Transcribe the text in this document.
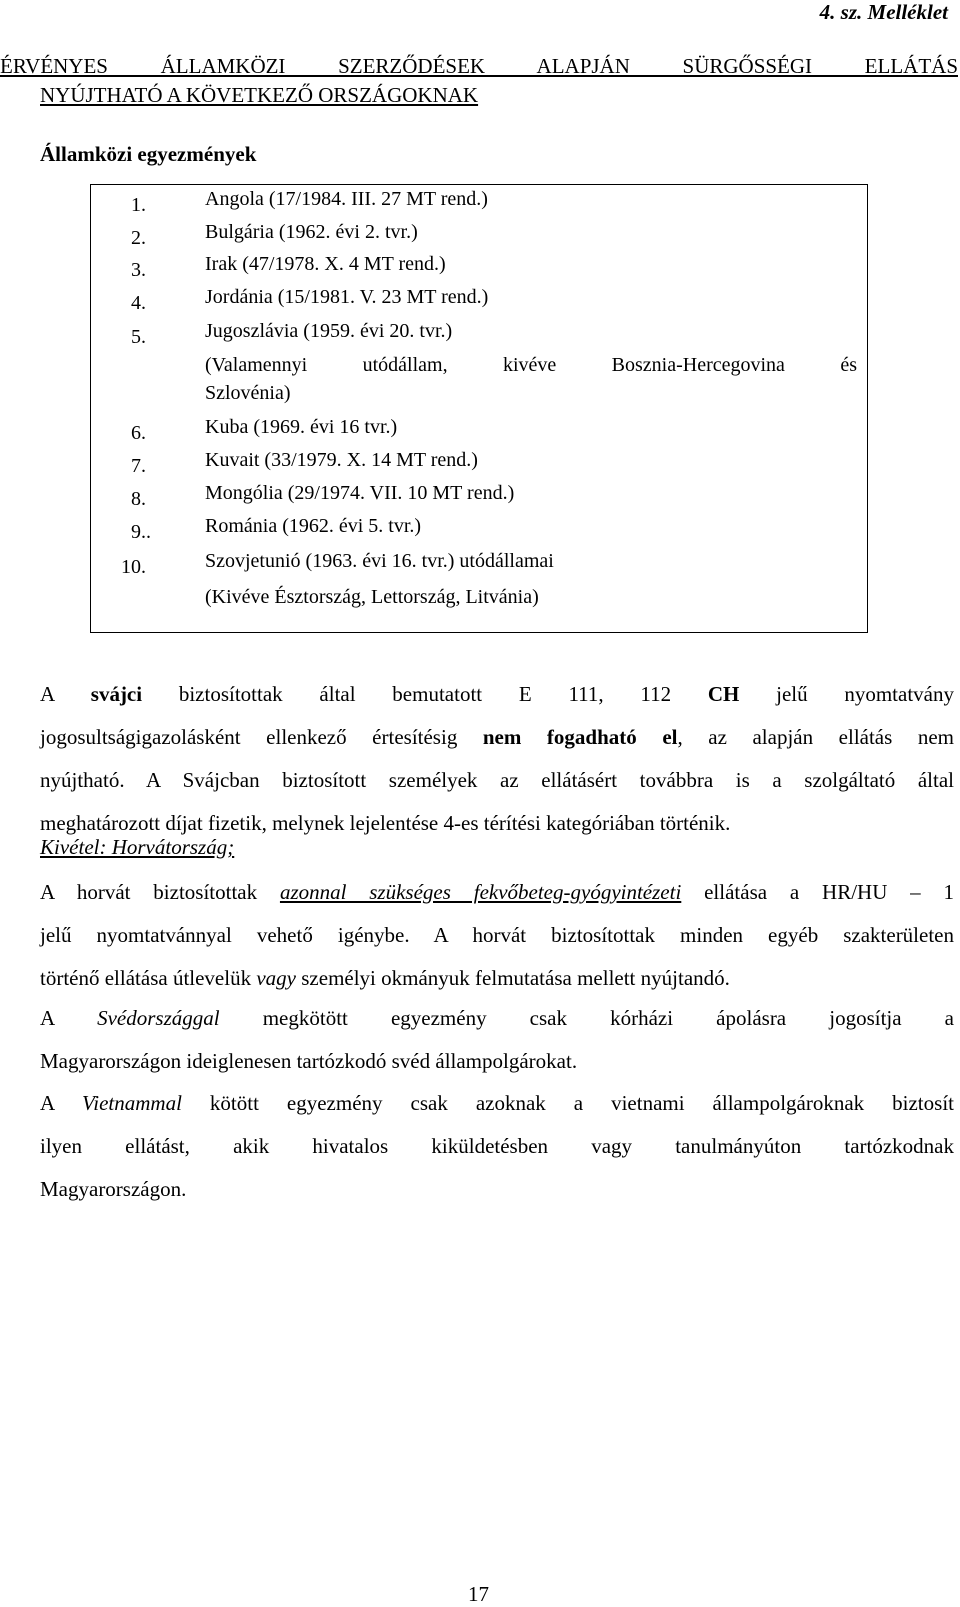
4. sz. Melléklet
ÉRVÉNYES ÁLLAMKÖZI SZERZŐDÉSEK ALAPJÁN SÜRGŐSSÉGI ELLÁTÁS
NYÚJTHATÓ A KÖVETKEZŐ ORSZÁGOKNAK
Államközi egyezmények
1.	Angola (17/1984. III. 27 MT rend.)
2.	Bulgária (1962. évi 2. tvr.)
3.	Irak (47/1978. X. 4 MT rend.)
4.	Jordánia (15/1981. V. 23 MT rend.)
5.	Jugoszlávia (1959. évi 20. tvr.)
(Valamennyi utódállam, kivéve Bosznia-Hercegovina és
Szlovénia)
6.	Kuba (1969. évi 16 tvr.)
7.	Kuvait (33/1979. X. 14 MT rend.)
8.	Mongólia (29/1974. VII. 10 MT rend.)
9..	Románia (1962. évi 5. tvr.)
10.	Szovjetunió (1963. évi 16. tvr.) utódállamai
(Kivéve Észtország, Lettország, Litvánia)
A svájci biztosítottak által bemutatott E 111, 112 CH jelű nyomtatvány
jogosultságigazolásként ellenkező értesítésig nem fogadható el, az alapján ellátás nem
nyújtható. A Svájcban biztosított személyek az ellátásért továbbra is a szolgáltató által
meghatározott díjat fizetik, melynek lejelentése 4-es térítési kategóriában történik.
Kivétel: Horvátország;
A horvát biztosítottak azonnal szükséges fekvőbeteg-gyógyintézeti ellátása a HR/HU – 1
jelű nyomtatvánnyal vehető igénybe. A horvát biztosítottak minden egyéb szakterületen
történő ellátása útlevelük vagy személyi okmányuk felmutatása mellett nyújtandó.
A Svédországgal megkötött egyezmény csak kórházi ápolásra jogosítja a
Magyarországon ideiglenesen tartózkodó svéd állampolgárokat.
A Vietnammal kötött egyezmény csak azoknak a vietnami állampolgároknak biztosít
ilyen ellátást, akik hivatalos kiküldetésben vagy tanulmányúton tartózkodnak
Magyarországon.
17
